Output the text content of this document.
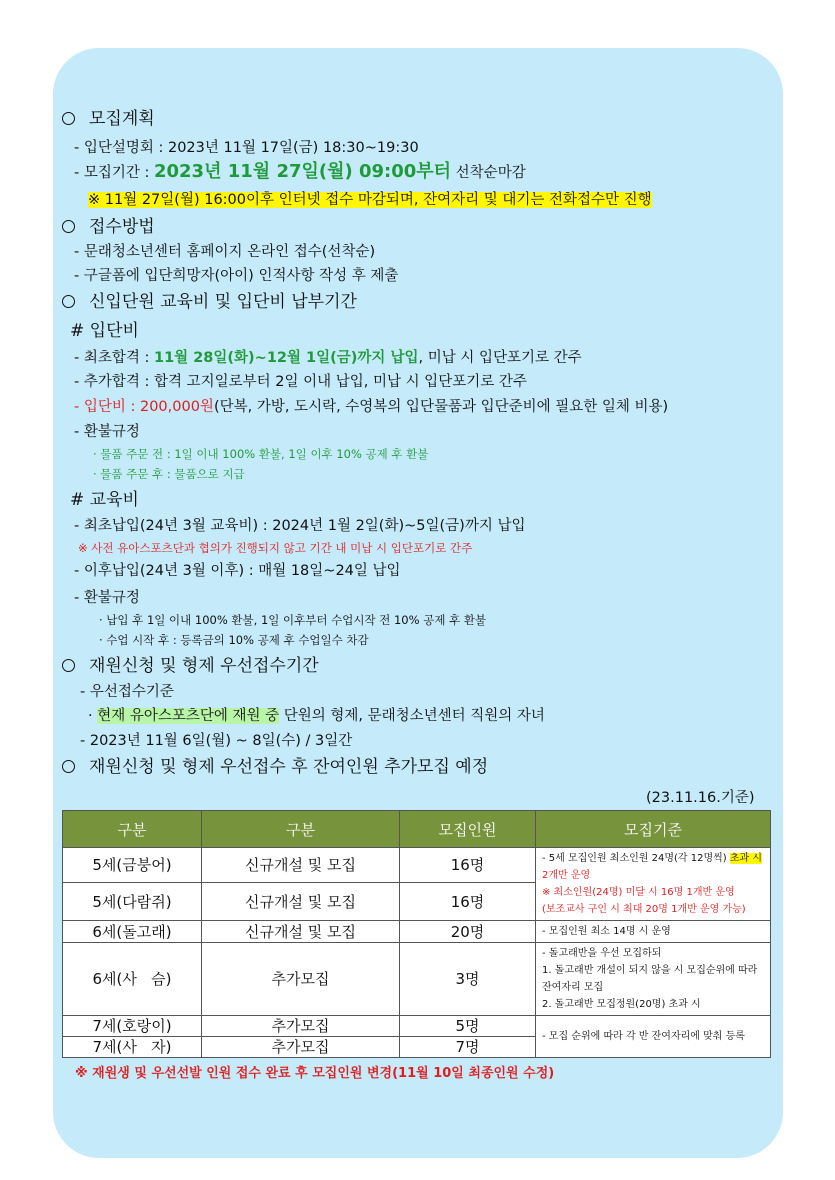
모집계획
- 입단설명회 : 2023년 11월 17일(금) 18:30~19:30
- 모집기간 : 2023년 11월 27일(월) 09:00부터 선착순마감
※ 11월 27일(월) 16:00이후 인터넷 접수 마감되며, 잔여자리 및 대기는 전화접수만 진행
접수방법
- 문래청소년센터 홈페이지 온라인 접수(선착순)
- 구글폼에 입단희망자(아이) 인적사항 작성 후 제출
신입단원 교육비 및 입단비 납부기간
# 입단비
- 최초합격 : 11월 28일(화)~12월 1일(금)까지 납입, 미납 시 입단포기로 간주
- 추가합격 : 합격 고지일로부터 2일 이내 납입, 미납 시 입단포기로 간주
- 입단비 : 200,000원(단복, 가방, 도시락, 수영복의 입단물품과 입단준비에 필요한 일체 비용)
- 환불규정
· 물품 주문 전 : 1일 이내 100% 환불, 1일 이후 10% 공제 후 환불
· 물품 주문 후 : 물품으로 지급
# 교육비
- 최초납입(24년 3월 교육비) : 2024년 1월 2일(화)~5일(금)까지 납입
※ 사전 유아스포츠단과 협의가 진행되지 않고 기간 내 미납 시 입단포기로 간주
- 이후납입(24년 3월 이후) : 매월 18일~24일 납입
- 환불규정
· 납입 후 1일 이내 100% 환불, 1일 이후부터 수업시작 전 10% 공제 후 환불
· 수업 시작 후 : 등록금의 10% 공제 후 수업일수 차감
재원신청 및 형제 우선접수기간
- 우선접수기준
· 현재 유아스포츠단에 재원 중 단원의 형제, 문래청소년센터 직원의 자녀
- 2023년 11월 6일(월) ~ 8일(수) / 3일간
재원신청 및 형제 우선접수 후 잔여인원 추가모집 예정
(23.11.16.기준)
구분	구분	모집인원	모집기준
5세(금붕어)	신규개설 및 모집	16명	- 5세 모집인원 최소인원 24명(각 12명씩) 초과 시
2개반 운영
※ 최소인원(24명) 미달 시 16명 1개반 운영
(보조교사 구인 시 최대 20명 1개반 운영 가능)

5세(다람쥐)	신규개설 및 모집	16명	
6세(돌고래)	신규개설 및 모집	20명	- 모집인원 최소 14명 시 운영
6세(사   슴)	추가모집	3명	- 돌고래반을 우선 모집하되
1. 돌고래반 개설이 되지 않을 시 모집순위에 따라
잔여자리 모집
2. 돌고래반 모집정원(20명) 초과 시

7세(호랑이)	추가모집	5명	- 모집 순위에 따라 각 반 잔여자리에 맞춰 등록
7세(사   자)	추가모집	7명	
※ 재원생 및 우선선발 인원 접수 완료 후 모집인원 변경(11월 10일 최종인원 수정)
